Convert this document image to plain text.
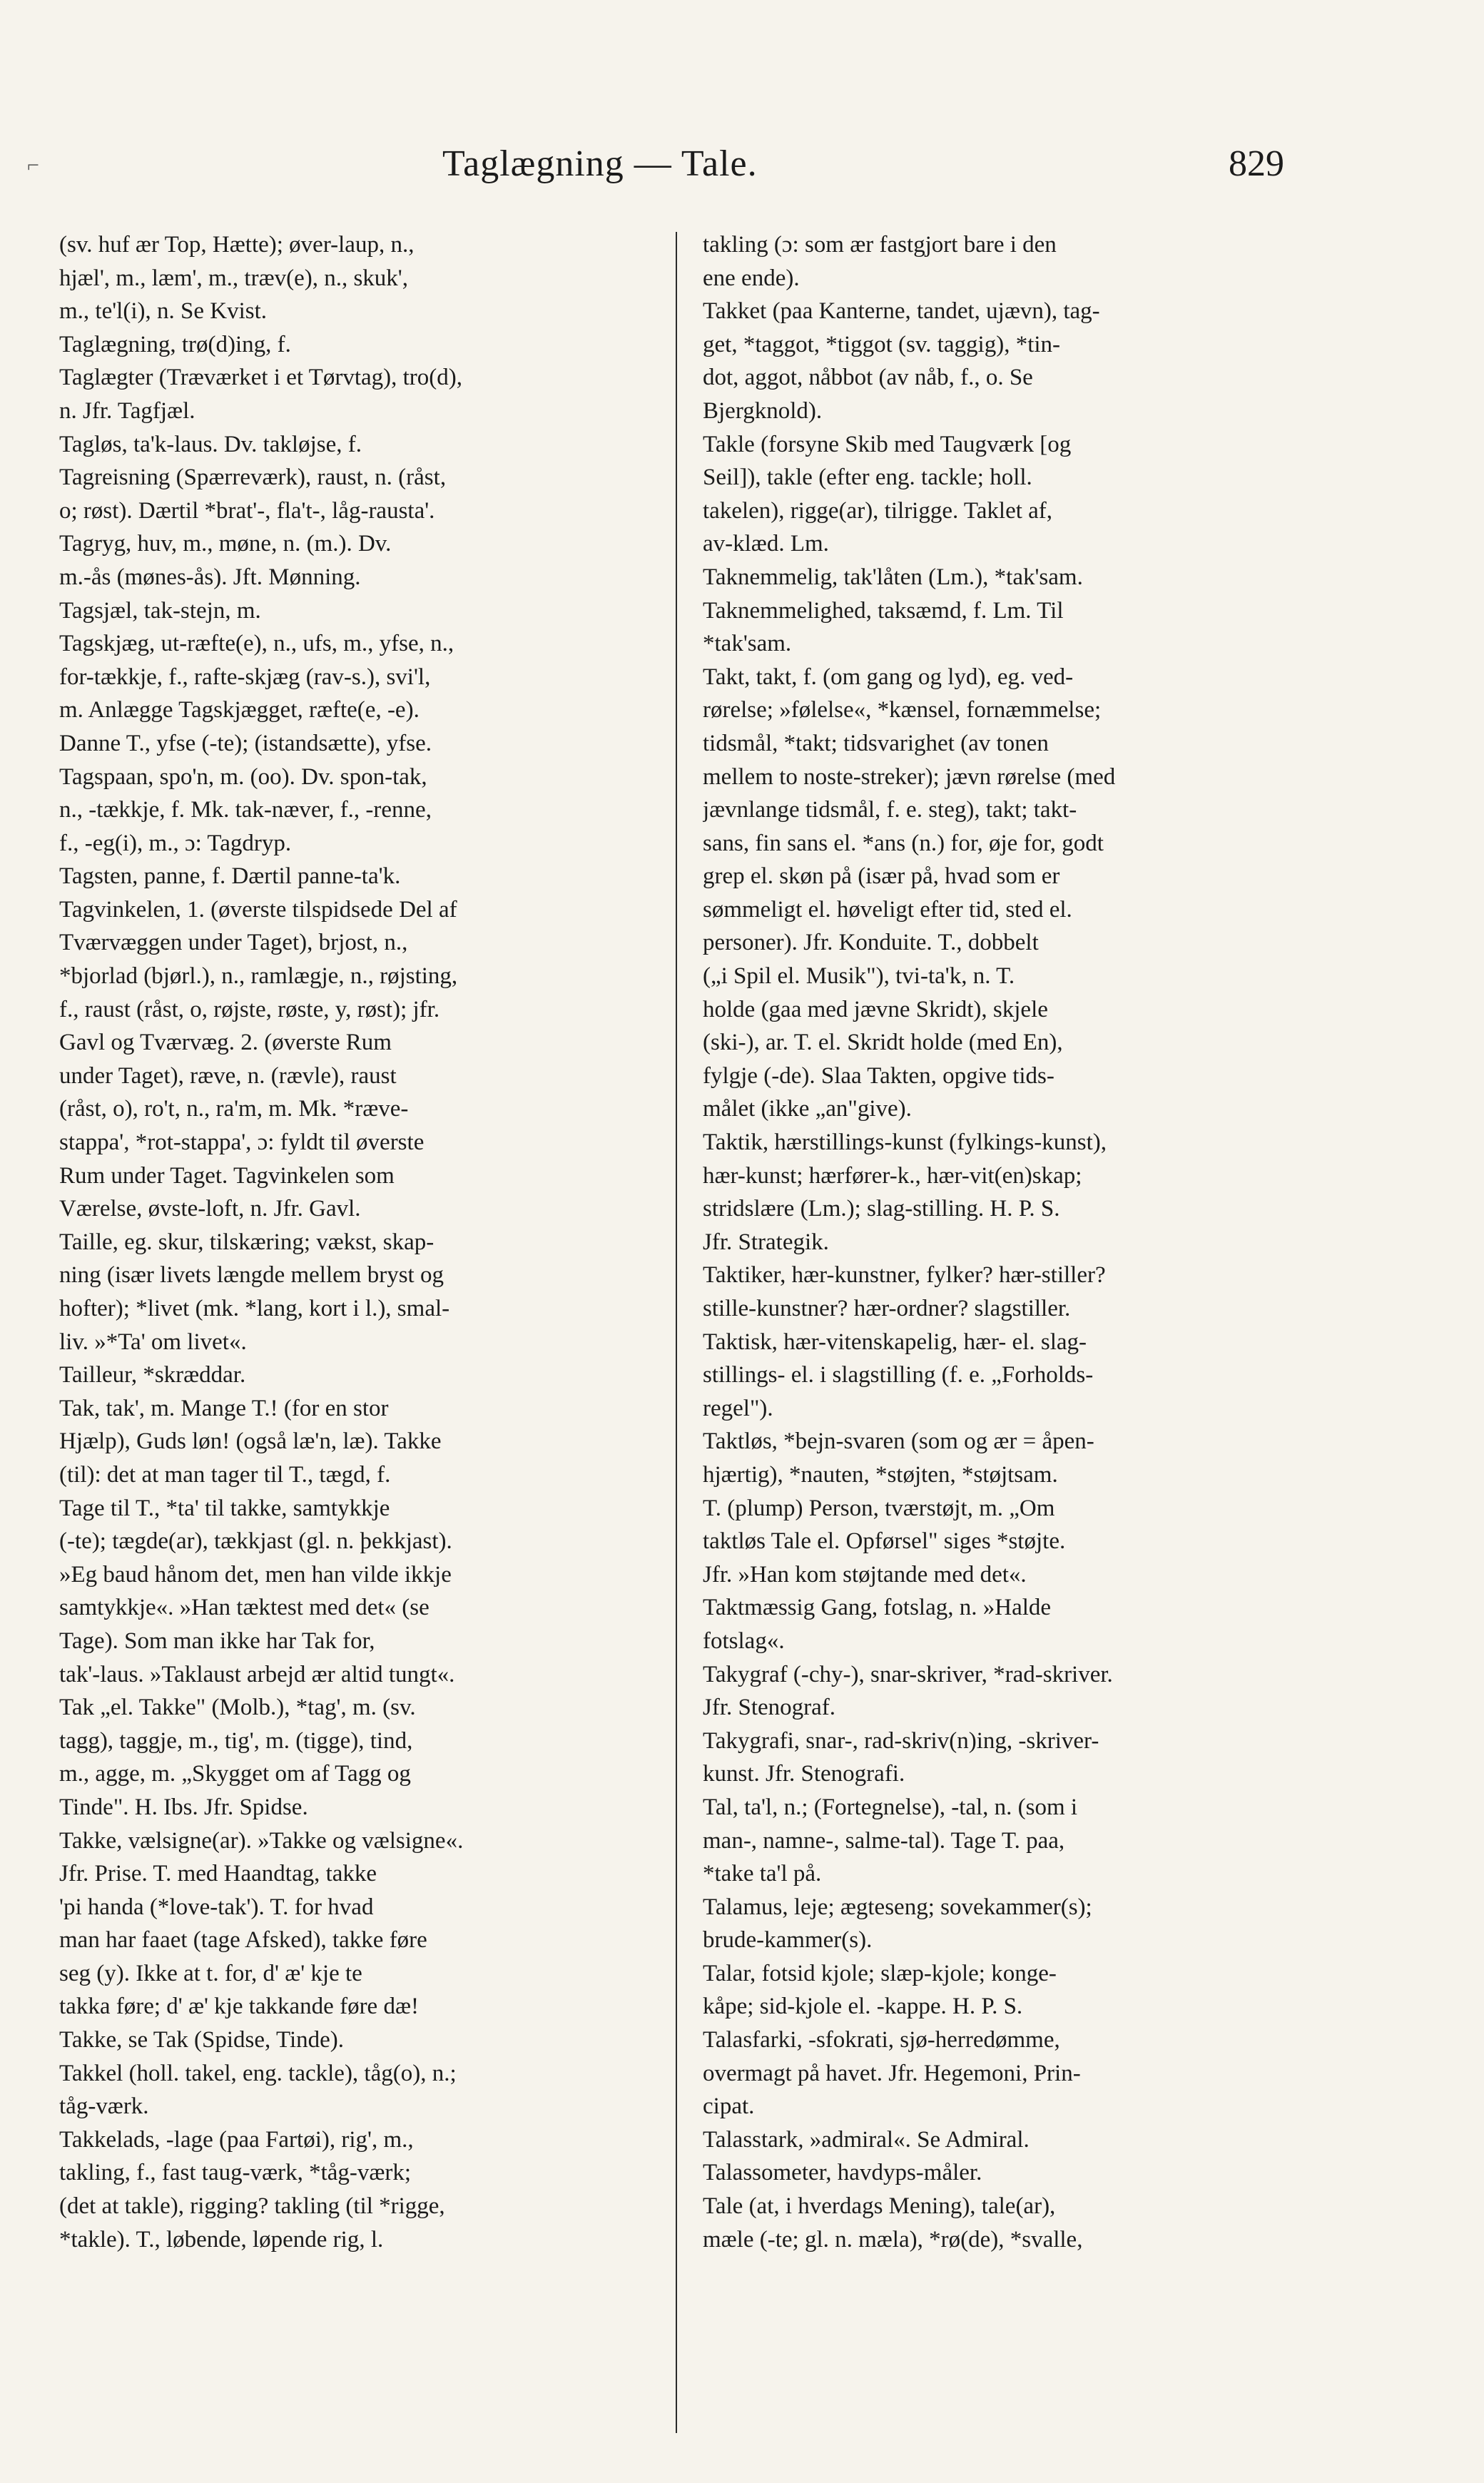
⌐	Taglægning — Tale.	829
(sv. huf ær Top, Hætte); øver-laup, n.,
hjæl', m., læm', m., træv(e), n., skuk',
m., te'l(i), n. Se Kvist.
Taglægning, trø(d)ing, f.
Taglægter (Træværket i et Tørvtag), tro(d),
n. Jfr. Tagfjæl.
Tagløs, ta'k-laus. Dv. takløjse, f.
Tagreisning (Spærreværk), raust, n. (råst,
o; røst). Dærtil *brat'-, fla't-, låg-rausta'.
Tagryg, huv, m., møne, n. (m.). Dv.
m.-ås (mønes-ås). Jft. Mønning.
Tagsjæl, tak-stejn, m.
Tagskjæg, ut-ræfte(e), n., ufs, m., yfse, n.,
for-tækkje, f., rafte-skjæg (rav-s.), svi'l,
m. Anlægge Tagskjægget, ræfte(e, -e).
Danne T., yfse (-te); (istandsætte), yfse.
Tagspaan, spo'n, m. (oo). Dv. spon-tak,
n., -tækkje, f. Mk. tak-næver, f., -renne,
f., -eg(i), m., ɔ: Tagdryp.
Tagsten, panne, f. Dærtil panne-ta'k.
Tagvinkelen, 1. (øverste tilspidsede Del af
Tværvæggen under Taget), brjost, n.,
*bjorlad (bjørl.), n., ramlægje, n., røjsting,
f., raust (råst, o, røjste, røste, y, røst); jfr.
Gavl og Tværvæg. 2. (øverste Rum
under Taget), ræve, n. (rævle), raust
(råst, o), ro't, n., ra'm, m. Mk. *ræve-
stappa', *rot-stappa', ɔ: fyldt til øverste
Rum under Taget. Tagvinkelen som
Værelse, øvste-loft, n. Jfr. Gavl.
Taille, eg. skur, tilskæring; vækst, skap-
ning (især livets længde mellem bryst og
hofter); *livet (mk. *lang, kort i l.), smal-
liv. »*Ta' om livet«.
Tailleur, *skræddar.
Tak, tak', m. Mange T.! (for en stor
Hjælp), Guds løn! (også læ'n, læ). Takke
(til): det at man tager til T., tægd, f.
Tage til T., *ta' til takke, samtykkje
(-te); tægde(ar), tækkjast (gl. n. þekkjast).
»Eg baud hånom det, men han vilde ikkje
samtykkje«. »Han tæktest med det« (se
Tage). Som man ikke har Tak for,
tak'-laus. »Taklaust arbejd ær altid tungt«.
Tak „el. Takke" (Molb.), *tag', m. (sv.
tagg), taggje, m., tig', m. (tigge), tind,
m., agge, m. „Skygget om af Tagg og
Tinde". H. Ibs. Jfr. Spidse.
Takke, vælsigne(ar). »Takke og vælsigne«.
Jfr. Prise. T. med Haandtag, takke
'pi handa (*love-tak'). T. for hvad
man har faaet (tage Afsked), takke føre
seg (y). Ikke at t. for, d' æ' kje te
takka føre; d' æ' kje takkande føre dæ!
Takke, se Tak (Spidse, Tinde).
Takkel (holl. takel, eng. tackle), tåg(o), n.;
tåg-værk.
Takkelads, -lage (paa Fartøi), rig', m.,
takling, f., fast taug-værk, *tåg-værk;
(det at takle), rigging? takling (til *rigge,
*takle). T., løbende, løpende rig, l.
takling (ɔ: som ær fastgjort bare i den
ene ende).
Takket (paa Kanterne, tandet, ujævn), tag-
get, *taggot, *tiggot (sv. taggig), *tin-
dot, aggot, nåbbot (av nåb, f., o. Se
Bjergknold).
Takle (forsyne Skib med Taugværk [og
Seil]), takle (efter eng. tackle; holl.
takelen), rigge(ar), tilrigge. Taklet af,
av-klæd. Lm.
Taknemmelig, tak'låten (Lm.), *tak'sam.
Taknemmelighed, taksæmd, f. Lm. Til
*tak'sam.
Takt, takt, f. (om gang og lyd), eg. ved-
rørelse; »følelse«, *kænsel, fornæmmelse;
tidsmål, *takt; tidsvarighet (av tonen
mellem to noste-streker); jævn rørelse (med
jævnlange tidsmål, f. e. steg), takt; takt-
sans, fin sans el. *ans (n.) for, øje for, godt
grep el. skøn på (især på, hvad som er
sømmeligt el. høveligt efter tid, sted el.
personer). Jfr. Konduite. T., dobbelt
(„i Spil el. Musik"), tvi-ta'k, n. T.
holde (gaa med jævne Skridt), skjele
(ski-), ar. T. el. Skridt holde (med En),
fylgje (-de). Slaa Takten, opgive tids-
målet (ikke „an"give).
Taktik, hærstillings-kunst (fylkings-kunst),
hær-kunst; hærfører-k., hær-vit(en)skap;
stridslære (Lm.); slag-stilling. H. P. S.
Jfr. Strategik.
Taktiker, hær-kunstner, fylker? hær-stiller?
stille-kunstner? hær-ordner? slagstiller.
Taktisk, hær-vitenskapelig, hær- el. slag-
stillings- el. i slagstilling (f. e. „Forholds-
regel").
Taktløs, *bejn-svaren (som og ær = åpen-
hjærtig), *nauten, *støjten, *støjtsam.
T. (plump) Person, tværstøjt, m. „Om
taktløs Tale el. Opførsel" siges *støjte.
Jfr. »Han kom støjtande med det«.
Taktmæssig Gang, fotslag, n. »Halde
fotslag«.
Takygraf (-chy-), snar-skriver, *rad-skriver.
Jfr. Stenograf.
Takygrafi, snar-, rad-skriv(n)ing, -skriver-
kunst. Jfr. Stenografi.
Tal, ta'l, n.; (Fortegnelse), -tal, n. (som i
man-, namne-, salme-tal). Tage T. paa,
*take ta'l på.
Talamus, leje; ægteseng; sovekammer(s);
brude-kammer(s).
Talar, fotsid kjole; slæp-kjole; konge-
kåpe; sid-kjole el. -kappe. H. P. S.
Talasfarki, -sfokrati, sjø-herredømme,
overmagt på havet. Jfr. Hegemoni, Prin-
cipat.
Talasstark, »admiral«. Se Admiral.
Talassometer, havdyps-måler.
Tale (at, i hverdags Mening), tale(ar),
mæle (-te; gl. n. mæla), *rø(de), *svalle,
